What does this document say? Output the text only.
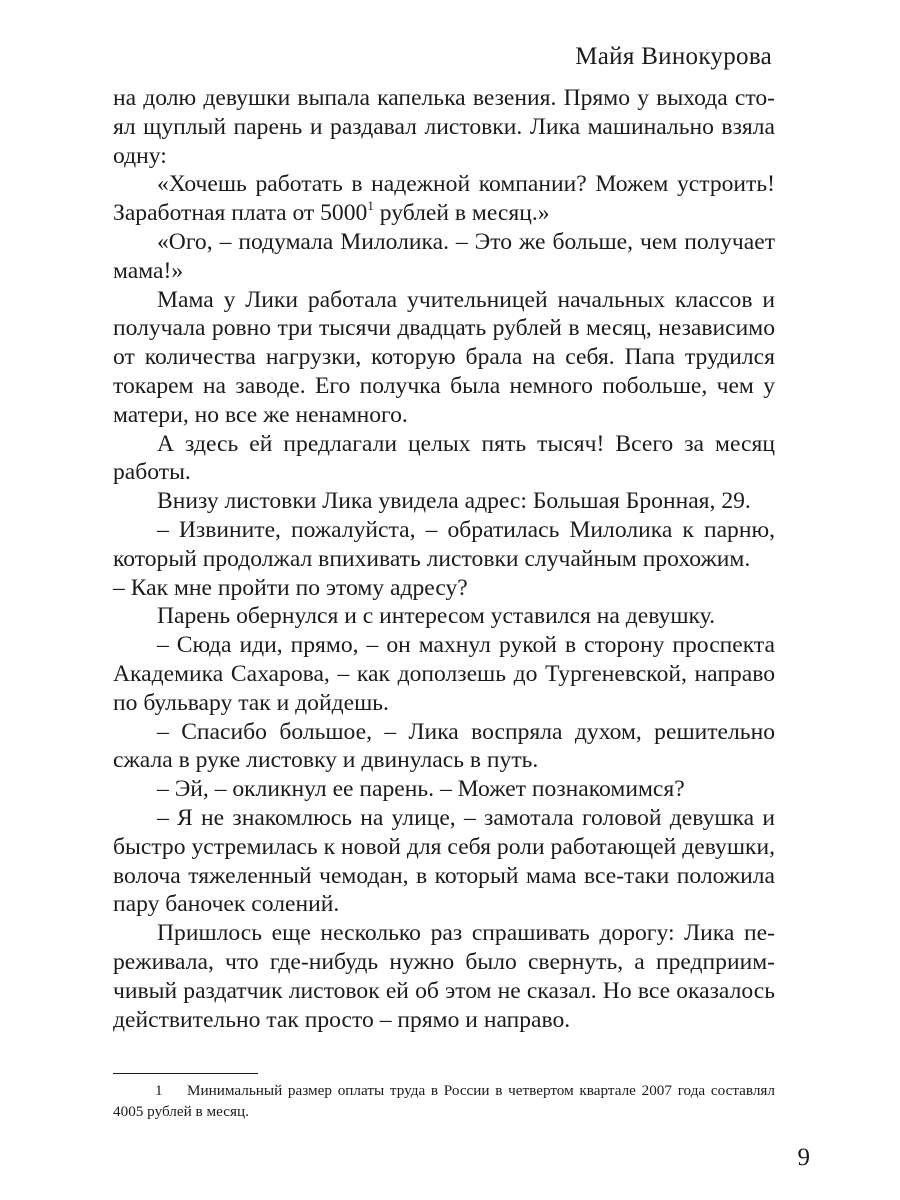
Майя Винокурова

на долю девушки выпала капелька везения. Прямо у выхода стоял щуплый парень и раздавал листовки. Лика машинально взяла одну:

«Хочешь работать в надежной компании? Можем устроить! Заработная плата от 5000$^1$ рублей в месяц.»

«Ого, – подумала Милолика. – Это же больше, чем получает мама!»

Мама у Лики работала учительницей начальных классов и получала ровно три тысячи двадцать рублей в месяц, независимо от количества нагрузки, которую брала на себя. Папа трудился токарем на заводе. Его получка была немного побольше, чем у матери, но все же ненамного.

А здесь ей предлагали целых пять тысяч! Всего за месяц работы.

Внизу листовки Лика увидела адрес: Большая Бронная, 29.

– Извините, пожалуйста, – обратилась Милолика к парню, который продолжал впихивать листовки случайным прохожим.

– Как мне пройти по этому адресу?

Парень обернулся и с интересом уставился на девушку.

– Сюда иди, прямо, – он махнул рукой в сторону проспекта Академика Сахарова, – как доползешь до Тургеневской, направо по бульвару так и дойдешь.

– Спасибо большое, – Лика воспряла духом, решительно сжала в руке листовку и двинулась в путь.

– Эй, – окликнул ее парень. – Может познакомимся?

– Я не знакомлюсь на улице, – замотала головой девушка и быстро устремилась к новой для себя роли работающей девушки, волоча тяжеленный чемодан, в который мама все-таки положила пару баночек солений.

Пришлось еще несколько раз спрашивать дорогу: Лика переживала, что где-нибудь нужно было свернуть, а предприимчивый раздатчик листовок ей об этом не сказал. Но все оказалось действительно так просто – прямо и направо.

1 Минимальный размер оплаты труда в России в четвертом квартале 2007 года составлял 4005 рублей в месяц.
9
